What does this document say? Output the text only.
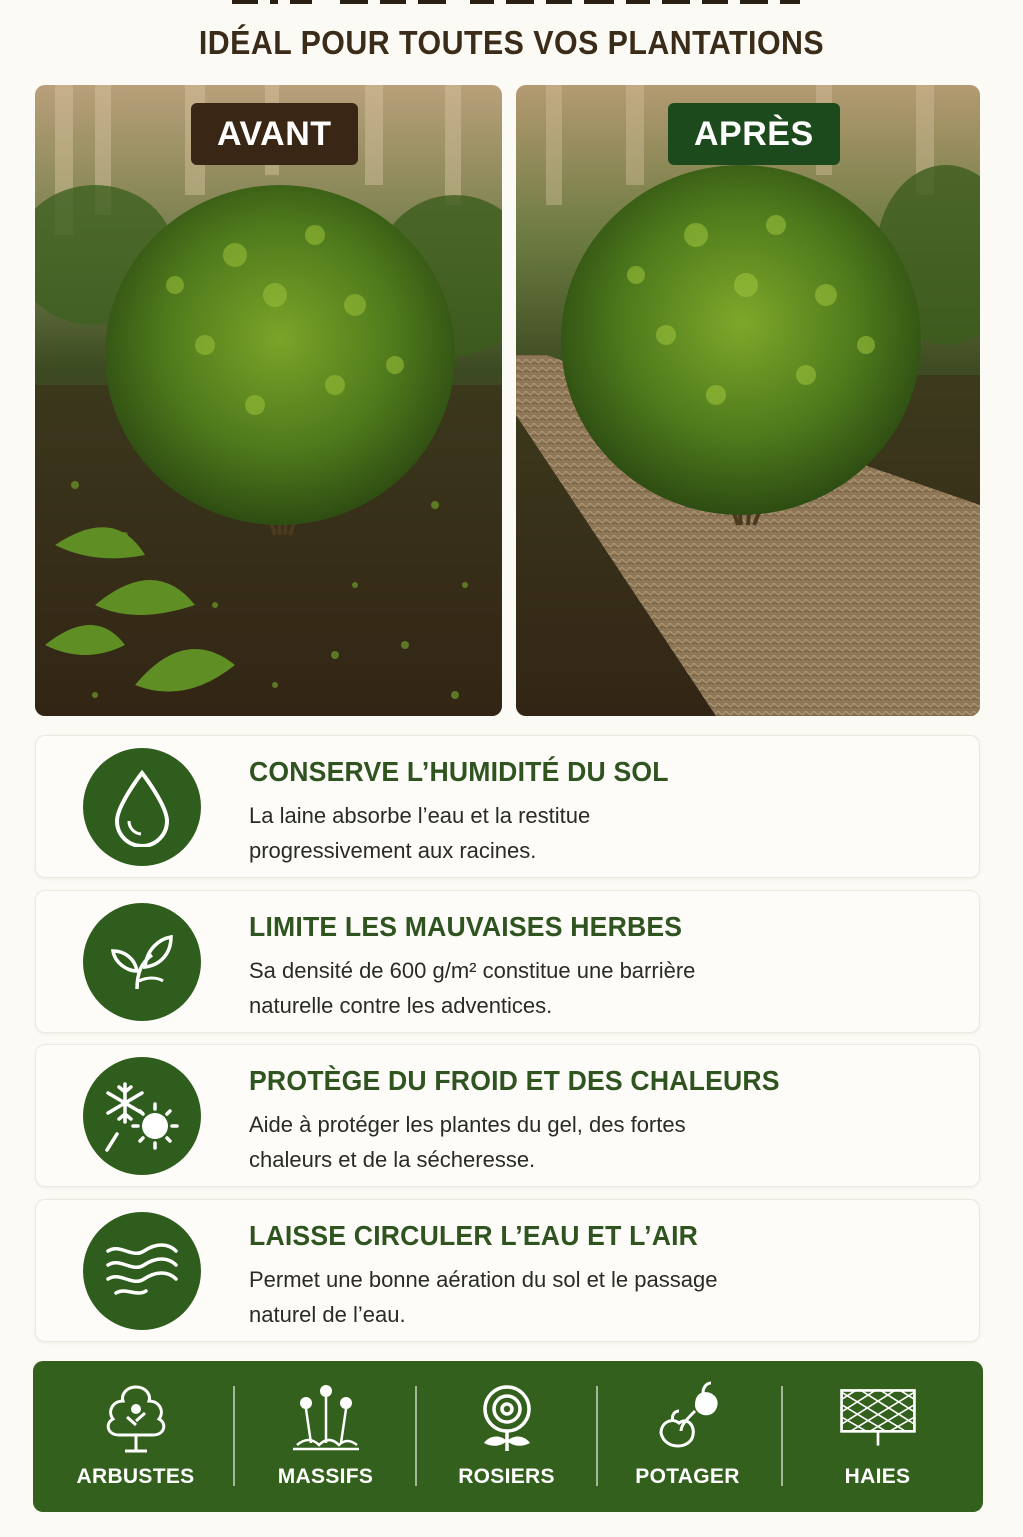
IDÉAL POUR TOUTES VOS PLANTATIONS
AVANT	APRÈS
CONSERVE L’HUMIDITÉ DU SOL
La laine absorbe l’eau et la restitue
progressivement aux racines.
LIMITE LES MAUVAISES HERBES
Sa densité de 600 g/m² constitue une barrière
naturelle contre les adventices.
PROTÈGE DU FROID ET DES CHALEURS
Aide à protéger les plantes du gel, des fortes
chaleurs et de la sécheresse.
LAISSE CIRCULER L’EAU ET L’AIR
Permet une bonne aération du sol et le passage
naturel de l’eau.
ARBUSTES	MASSIFS	ROSIERS	POTAGER	HAIES
